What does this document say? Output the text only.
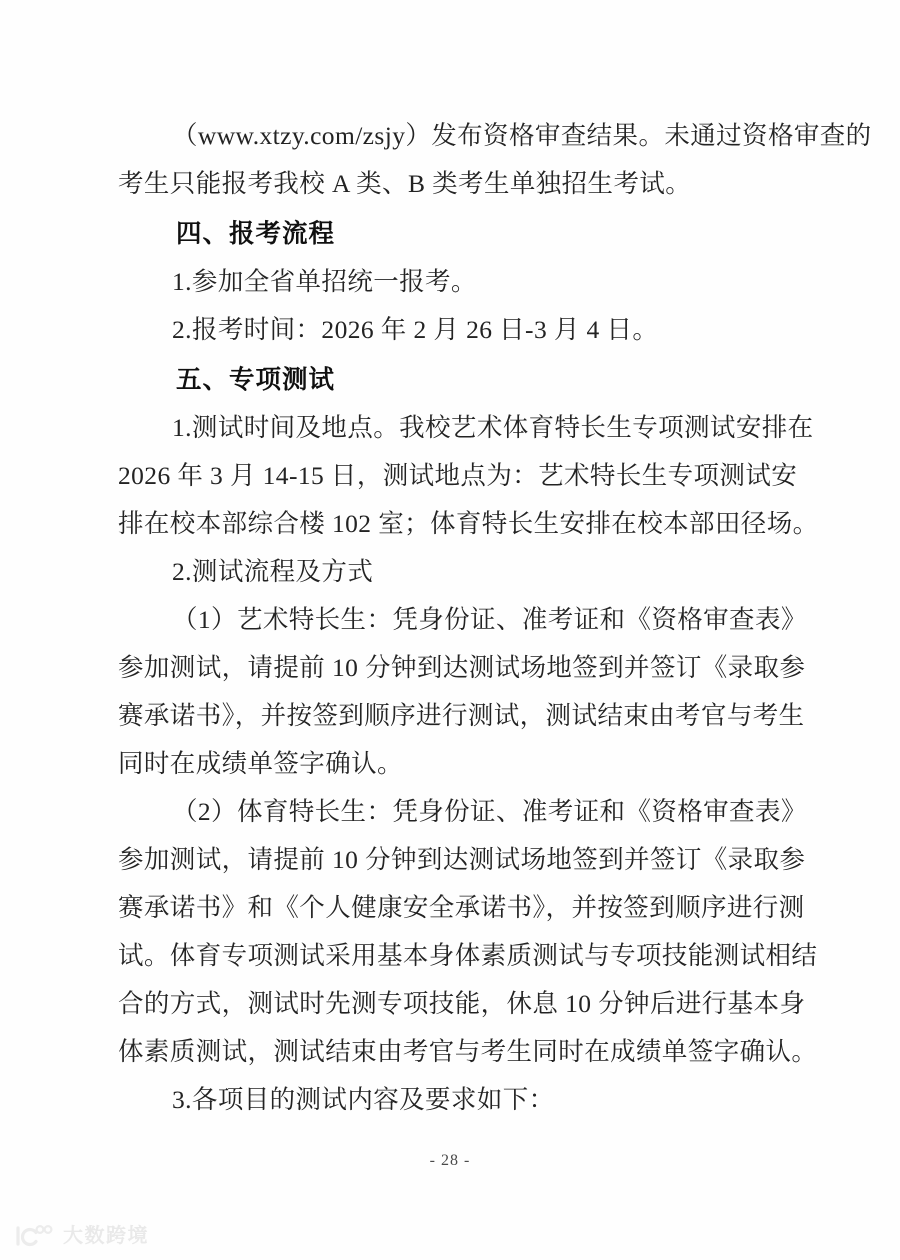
（www.xtzy.com/zsjy）发布资格审查结果。未通过资格审查的
考生只能报考我校 A 类、B 类考生单独招生考试。
四、报考流程
1.参加全省单招统一报考。
2.报考时间：2026 年 2 月 26 日-3 月 4 日。
五、专项测试
1.测试时间及地点。我校艺术体育特长生专项测试安排在
2026 年 3 月 14-15 日，测试地点为：艺术特长生专项测试安
排在校本部综合楼 102 室；体育特长生安排在校本部田径场。
2.测试流程及方式
（1）艺术特长生：凭身份证、准考证和《资格审查表》
参加测试，请提前 10 分钟到达测试场地签到并签订《录取参
赛承诺书》，并按签到顺序进行测试，测试结束由考官与考生
同时在成绩单签字确认。
（2）体育特长生：凭身份证、准考证和《资格审查表》
参加测试，请提前 10 分钟到达测试场地签到并签订《录取参
赛承诺书》和《个人健康安全承诺书》，并按签到顺序进行测
试。体育专项测试采用基本身体素质测试与专项技能测试相结
合的方式，测试时先测专项技能，休息 10 分钟后进行基本身
体素质测试，测试结束由考官与考生同时在成绩单签字确认。
3.各项目的测试内容及要求如下：
- 28 -
大数跨境
